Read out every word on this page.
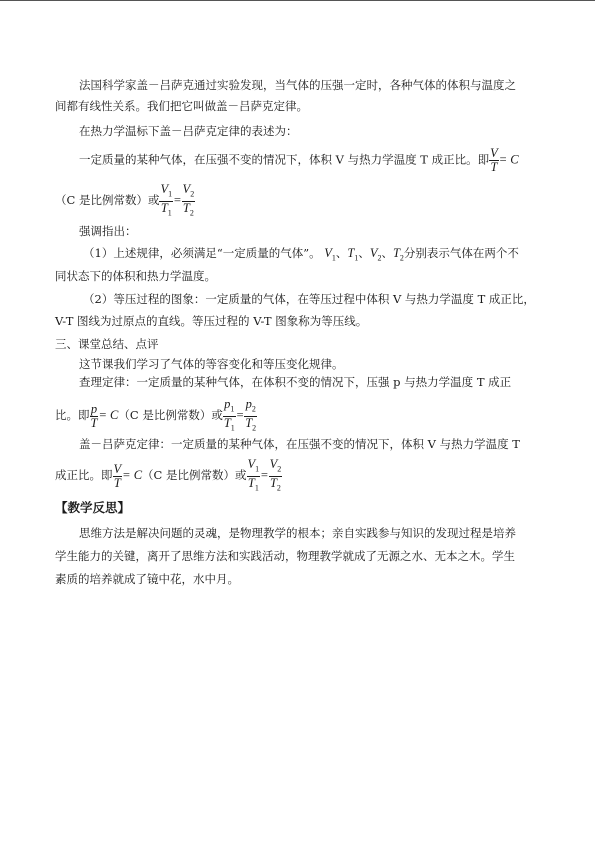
法国科学家盖－吕萨克通过实验发现，当气体的压强一定时，各种气体的体积与温度之
间都有线性关系。我们把它叫做盖－吕萨克定律。
在热力学温标下盖－吕萨克定律的表述为：
一定质量的某种气体，在压强不变的情况下，体积 V 与热力学温度 T 成正比。即 $\frac{V}{T} = C$
（C 是比例常数）或 $\frac{V_1}{T_1} = \frac{V_2}{T_2}$
强调指出：
（1）上述规律，必须满足“一定质量的气体”。 $V_1$、$T_1$、$V_2$、$T_2$分别表示气体在两个不
同状态下的体积和热力学温度。
（2）等压过程的图象：一定质量的气体，在等压过程中体积 V 与热力学温度 T 成正比，
V-T 图线为过原点的直线。等压过程的 V-T 图象称为等压线。
三、课堂总结、点评
这节课我们学习了气体的等容变化和等压变化规律。
查理定律：一定质量的某种气体，在体积不变的情况下，压强 p 与热力学温度 T 成正
比。即 $\frac{p}{T} = C(C$ 是比例常数）或 $\frac{p_1}{T_1} = \frac{p_2}{T_2}$
盖－吕萨克定律：一定质量的某种气体，在压强不变的情况下，体积 V 与热力学温度 T
成正比。即 $\frac{V}{T} = C(C$ 是比例常数）或 $\frac{V_1}{T_1} = \frac{V_2}{T_2}$
【教学反思】
思维方法是解决问题的灵魂，是物理教学的根本；亲自实践参与知识的发现过程是培养
学生能力的关键，离开了思维方法和实践活动，物理教学就成了无源之水、无本之木。学生
素质的培养就成了镜中花，水中月。
